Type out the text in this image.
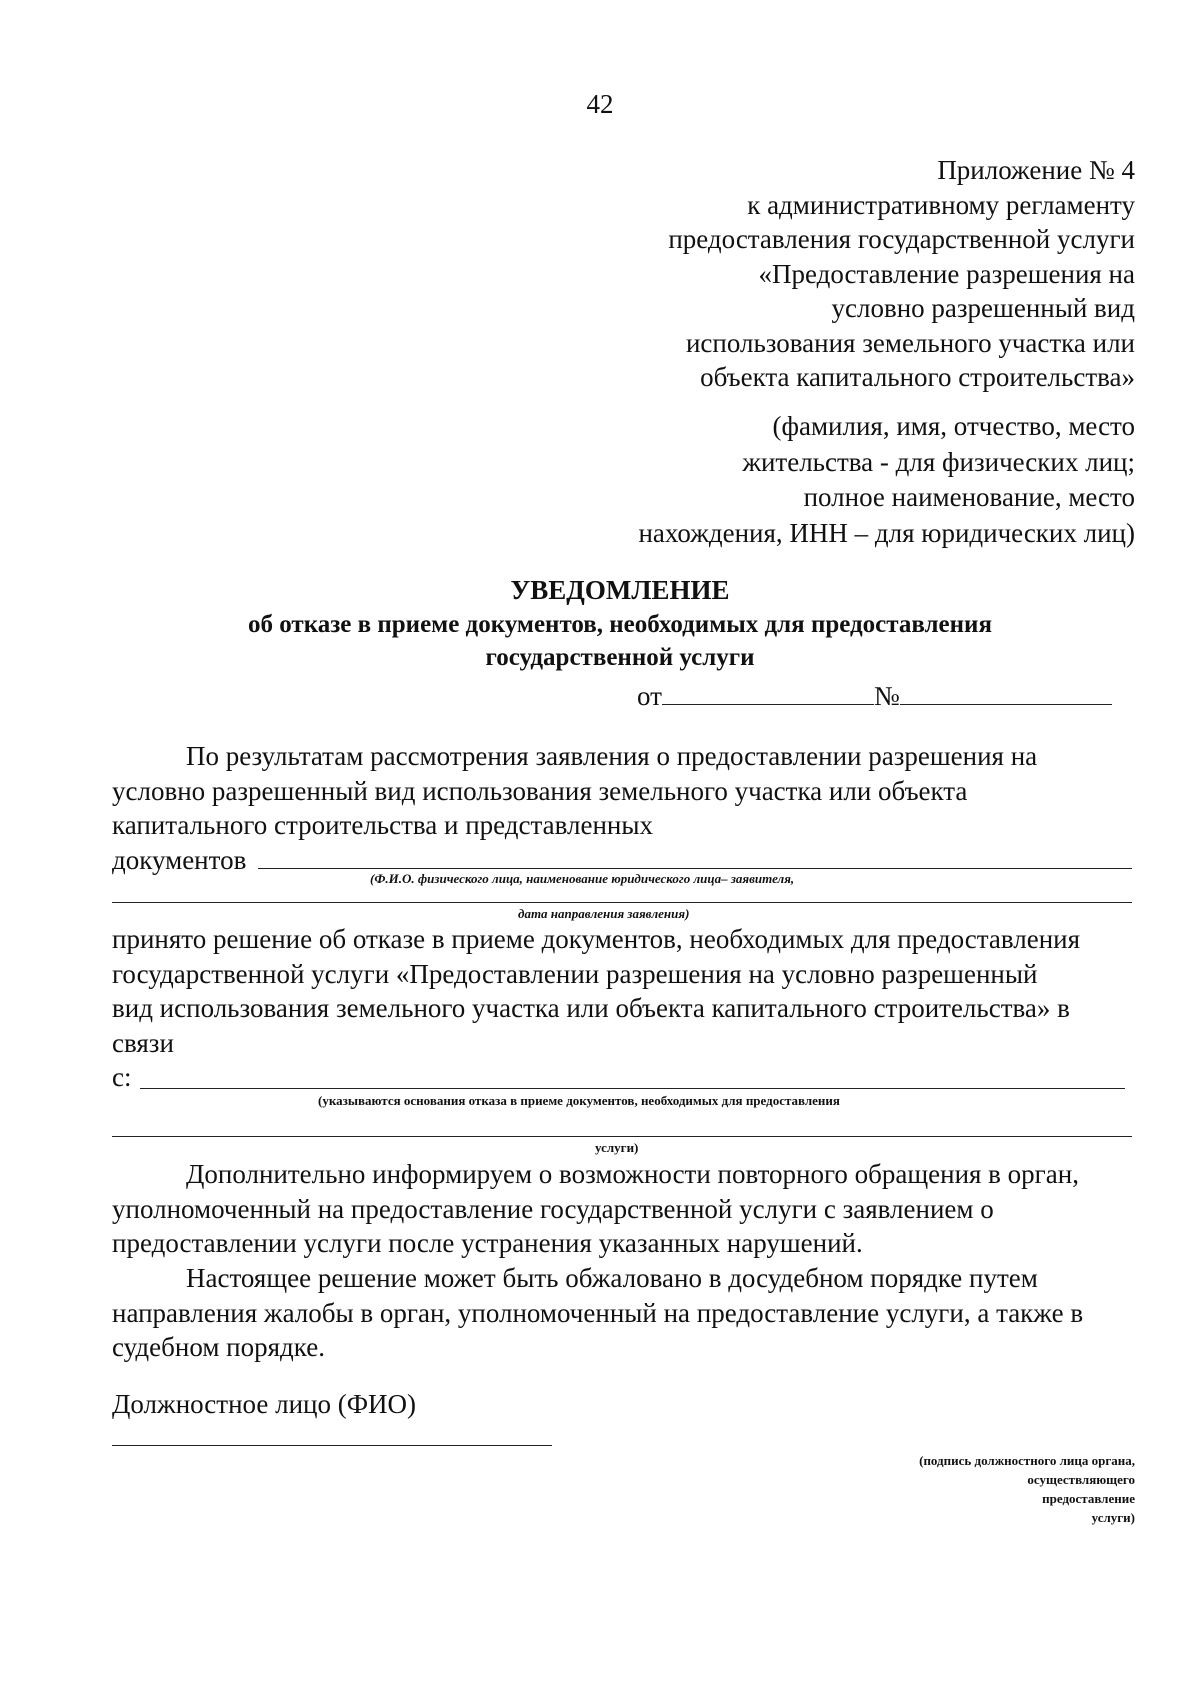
42
Приложение № 4
к административному регламенту
предоставления государственной услуги
«Предоставление разрешения на
условно разрешенный вид
использования земельного участка или
объекта капитального строительства»
(фамилия, имя, отчество, место
жительства - для физических лиц;
полное наименование, место
нахождения, ИНН – для юридических лиц)
УВЕДОМЛЕНИЕ
об отказе в приеме документов, необходимых для предоставления
государственной услуги
от	№
По результатам рассмотрения заявления о предоставлении разрешения на
условно разрешенный вид использования земельного участка или объекта
капитального строительства и представленных
документов
(Ф.И.О. физического лица, наименование юридического лица– заявителя,
дата направления заявления)
принято решение об отказе в приеме документов, необходимых для предоставления
государственной услуги «Предоставлении разрешения на условно разрешенный
вид использования земельного участка или объекта капитального строительства» в
связи
с:
(указываются основания отказа в приеме документов, необходимых для предоставления
услуги)
Дополнительно информируем о возможности повторного обращения в орган,
уполномоченный на предоставление государственной услуги с заявлением о
предоставлении услуги после устранения указанных нарушений.
Настоящее решение может быть обжаловано в досудебном порядке путем
направления жалобы в орган, уполномоченный на предоставление услуги, а также в
судебном порядке.
Должностное лицо (ФИО)
(подпись должностного лица органа,
осуществляющего
предоставление
услуги)
